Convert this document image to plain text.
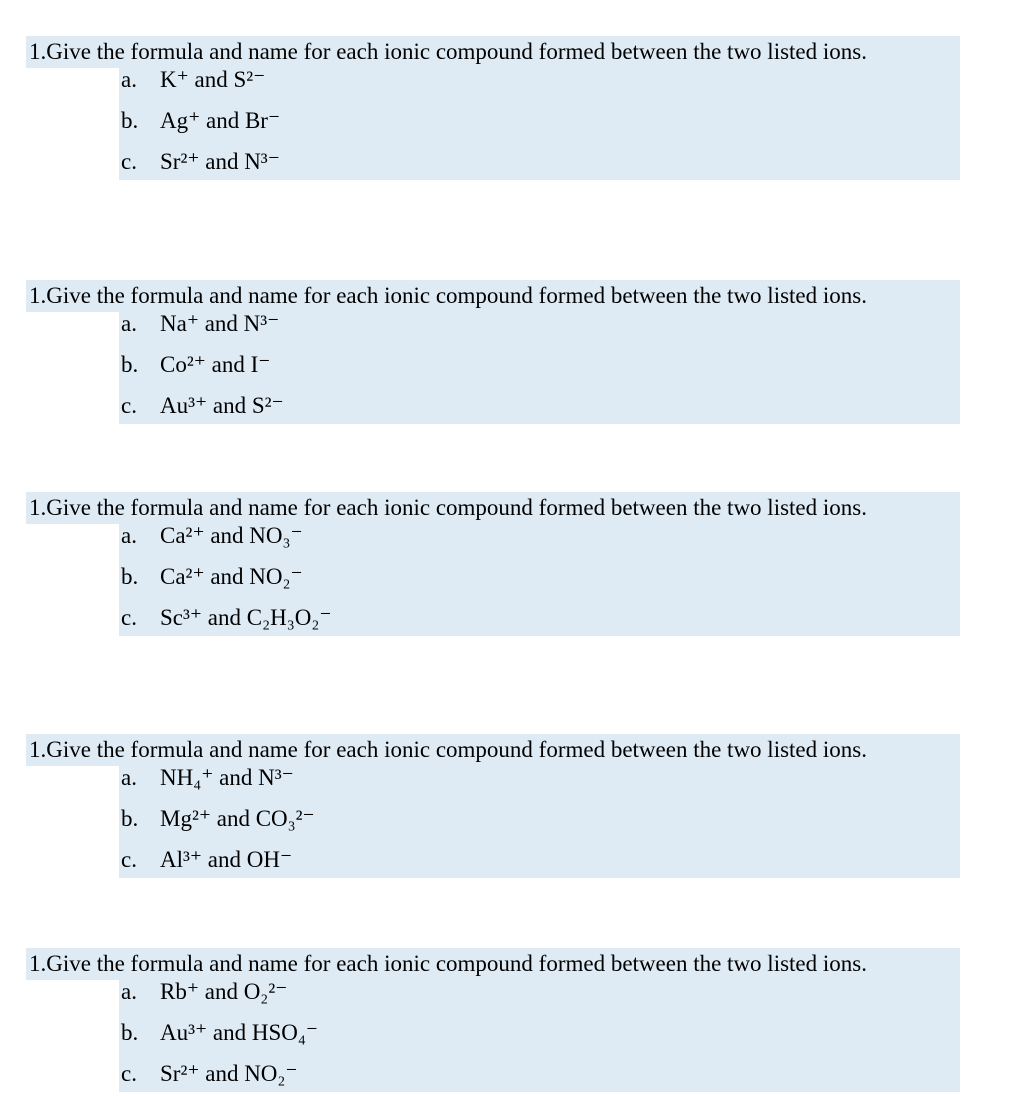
1.Give the formula and name for each ionic compound formed between the two listed ions.
a. K⁺ and S²⁻
b. Ag⁺ and Br⁻
c. Sr²⁺ and N³⁻
1.Give the formula and name for each ionic compound formed between the two listed ions.
a. Na⁺ and N³⁻
b. Co²⁺ and I⁻
c. Au³⁺ and S²⁻
1.Give the formula and name for each ionic compound formed between the two listed ions.
a. Ca²⁺ and NO₃⁻
b. Ca²⁺ and NO₂⁻
c. Sc³⁺ and C₂H₃O₂⁻
1.Give the formula and name for each ionic compound formed between the two listed ions.
a. NH₄⁺ and N³⁻
b. Mg²⁺ and CO₃²⁻
c. Al³⁺ and OH⁻
1.Give the formula and name for each ionic compound formed between the two listed ions.
a. Rb⁺ and O₂²⁻
b. Au³⁺ and HSO₄⁻
c. Sr²⁺ and NO₂⁻
